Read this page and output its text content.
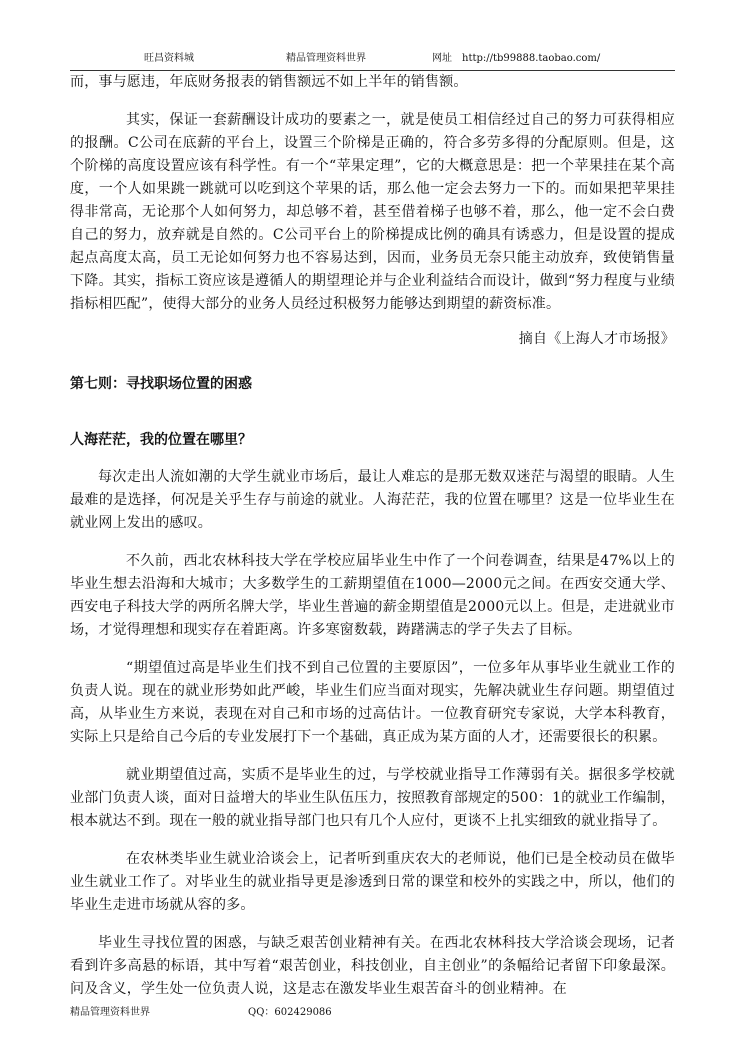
旺昌资料城	精品管理资料世界	网址 http://tb99888.taobao.com/

而，事与愿违，年底财务报表的销售额远不如上半年的销售额。

其实，保证一套薪酬设计成功的要素之一，就是使员工相信经过自己的努力可获得相应的报酬。C公司在底薪的平台上，设置三个阶梯是正确的，符合多劳多得的分配原则。但是，这个阶梯的高度设置应该有科学性。有一个“苹果定理”，它的大概意思是：把一个苹果挂在某个高度，一个人如果跳一跳就可以吃到这个苹果的话，那么他一定会去努力一下的。而如果把苹果挂得非常高，无论那个人如何努力，却总够不着，甚至借着梯子也够不着，那么，他一定不会白费自己的努力，放弃就是自然的。C公司平台上的阶梯提成比例的确具有诱惑力，但是设置的提成起点高度太高，员工无论如何努力也不容易达到，因而，业务员无奈只能主动放弃，致使销售量下降。其实，指标工资应该是遵循人的期望理论并与企业利益结合而设计，做到“努力程度与业绩指标相匹配”，使得大部分的业务人员经过积极努力能够达到期望的薪资标准。

摘自《上海人才市场报》

第七则：寻找职场位置的困惑
人海茫茫，我的位置在哪里？

每次走出人流如潮的大学生就业市场后，最让人难忘的是那无数双迷茫与渴望的眼睛。人生最难的是选择，何况是关乎生存与前途的就业。人海茫茫，我的位置在哪里？这是一位毕业生在就业网上发出的感叹。

不久前，西北农林科技大学在学校应届毕业生中作了一个问卷调查，结果是47%以上的毕业生想去沿海和大城市；大多数学生的工薪期望值在1000—2000元之间。在西安交通大学、西安电子科技大学的两所名牌大学，毕业生普遍的薪金期望值是2000元以上。但是，走进就业市场，才觉得理想和现实存在着距离。许多寒窗数载，踌躇满志的学子失去了目标。

“期望值过高是毕业生们找不到自己位置的主要原因”，一位多年从事毕业生就业工作的负责人说。现在的就业形势如此严峻，毕业生们应当面对现实，先解决就业生存问题。期望值过高，从毕业生方来说，表现在对自己和市场的过高估计。一位教育研究专家说，大学本科教育，实际上只是给自己今后的专业发展打下一个基础，真正成为某方面的人才，还需要很长的积累。

就业期望值过高，实质不是毕业生的过，与学校就业指导工作薄弱有关。据很多学校就业部门负责人谈，面对日益增大的毕业生队伍压力，按照教育部规定的500：1的就业工作编制，根本就达不到。现在一般的就业指导部门也只有几个人应付，更谈不上扎实细致的就业指导了。

在农林类毕业生就业洽谈会上，记者听到重庆农大的老师说，他们已是全校动员在做毕业生就业工作了。对毕业生的就业指导更是渗透到日常的课堂和校外的实践之中，所以，他们的毕业生走进市场就从容的多。

毕业生寻找位置的困惑，与缺乏艰苦创业精神有关。在西北农林科技大学洽谈会现场，记者看到许多高悬的标语，其中写着“艰苦创业，科技创业，自主创业”的条幅给记者留下印象最深。问及含义，学生处一位负责人说，这是志在激发毕业生艰苦奋斗的创业精神。在

精品管理资料世界	QQ：602429086
